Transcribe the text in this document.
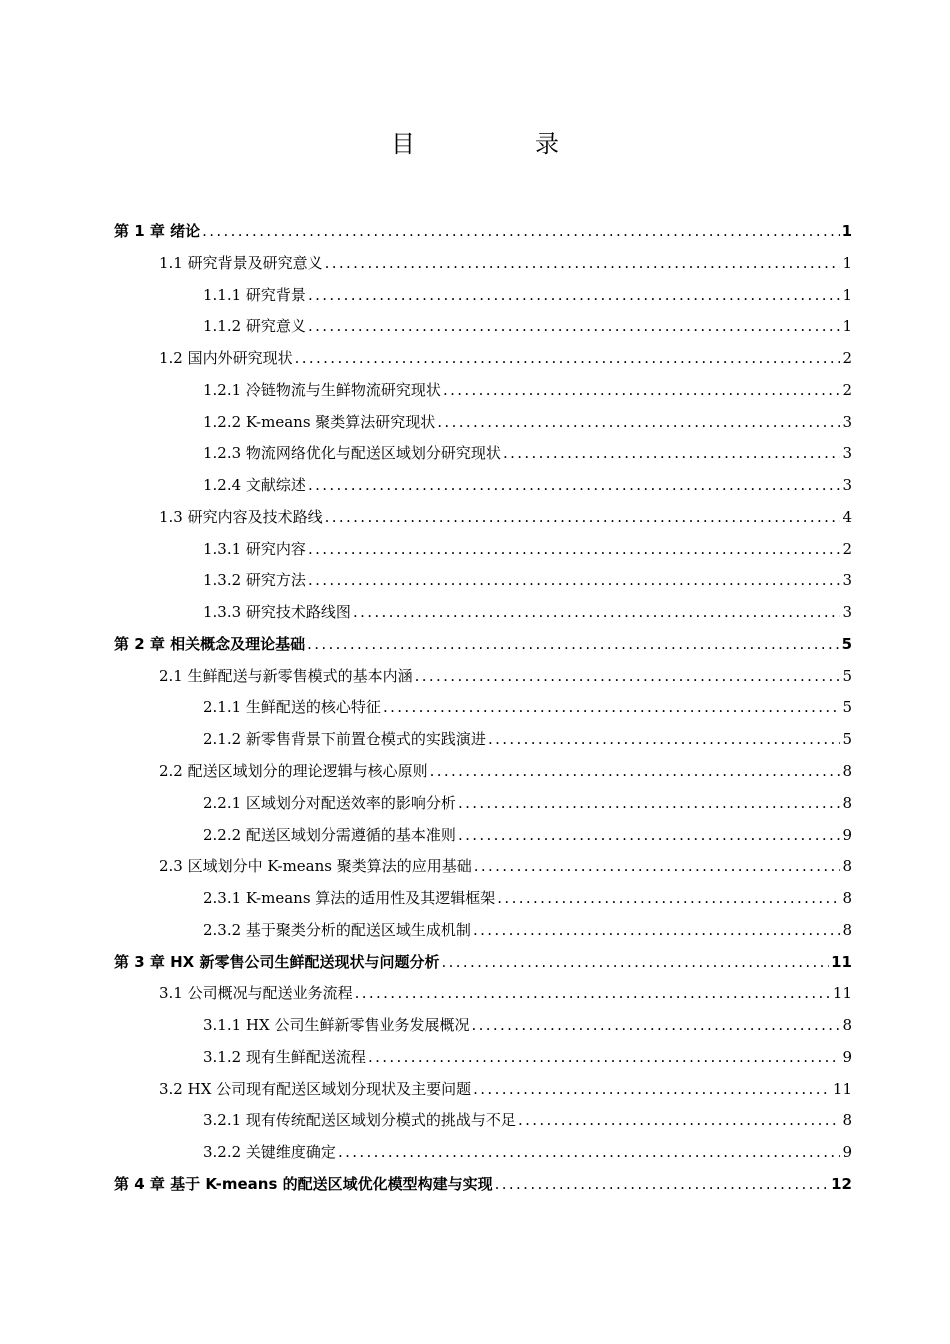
目　录
第 1 章 绪论 . . .	1
1.1 研究背景及研究意义 . . .	1
1.1.1 研究背景 . . .	1
1.1.2 研究意义 . . .	1
1.2 国内外研究现状 . . .	2
1.2.1 冷链物流与生鲜物流研究现状 . . .	2
1.2.2 K-means 聚类算法研究现状 . . .	3
1.2.3 物流网络优化与配送区域划分研究现状 . . .	3
1.2.4 文献综述 . . .	3
1.3 研究内容及技术路线 . . .	4
1.3.1 研究内容 . . .	2
1.3.2 研究方法 . . .	3
1.3.3 研究技术路线图 . . .	3
第 2 章 相关概念及理论基础 . . .	5
2.1 生鲜配送与新零售模式的基本内涵 . . .	5
2.1.1 生鲜配送的核心特征 . . .	5
2.1.2 新零售背景下前置仓模式的实践演进 . . .	5
2.2 配送区域划分的理论逻辑与核心原则 . . .	8
2.2.1 区域划分对配送效率的影响分析 . . .	8
2.2.2 配送区域划分需遵循的基本准则 . . .	9
2.3 区域划分中 K-means 聚类算法的应用基础 . . .	8
2.3.1 K-means 算法的适用性及其逻辑框架 . . .	8
2.3.2 基于聚类分析的配送区域生成机制 . . .	8
第 3 章 HX 新零售公司生鲜配送现状与问题分析 . . .	11
3.1 公司概况与配送业务流程 . . .	11
3.1.1 HX 公司生鲜新零售业务发展概况 . . .	8
3.1.2 现有生鲜配送流程 . . .	9
3.2 HX 公司现有配送区域划分现状及主要问题 . . .	11
3.2.1 现有传统配送区域划分模式的挑战与不足 . . .	8
3.2.2 关键维度确定 . . .	9
第 4 章 基于 K-means 的配送区域优化模型构建与实现 . . .	12
